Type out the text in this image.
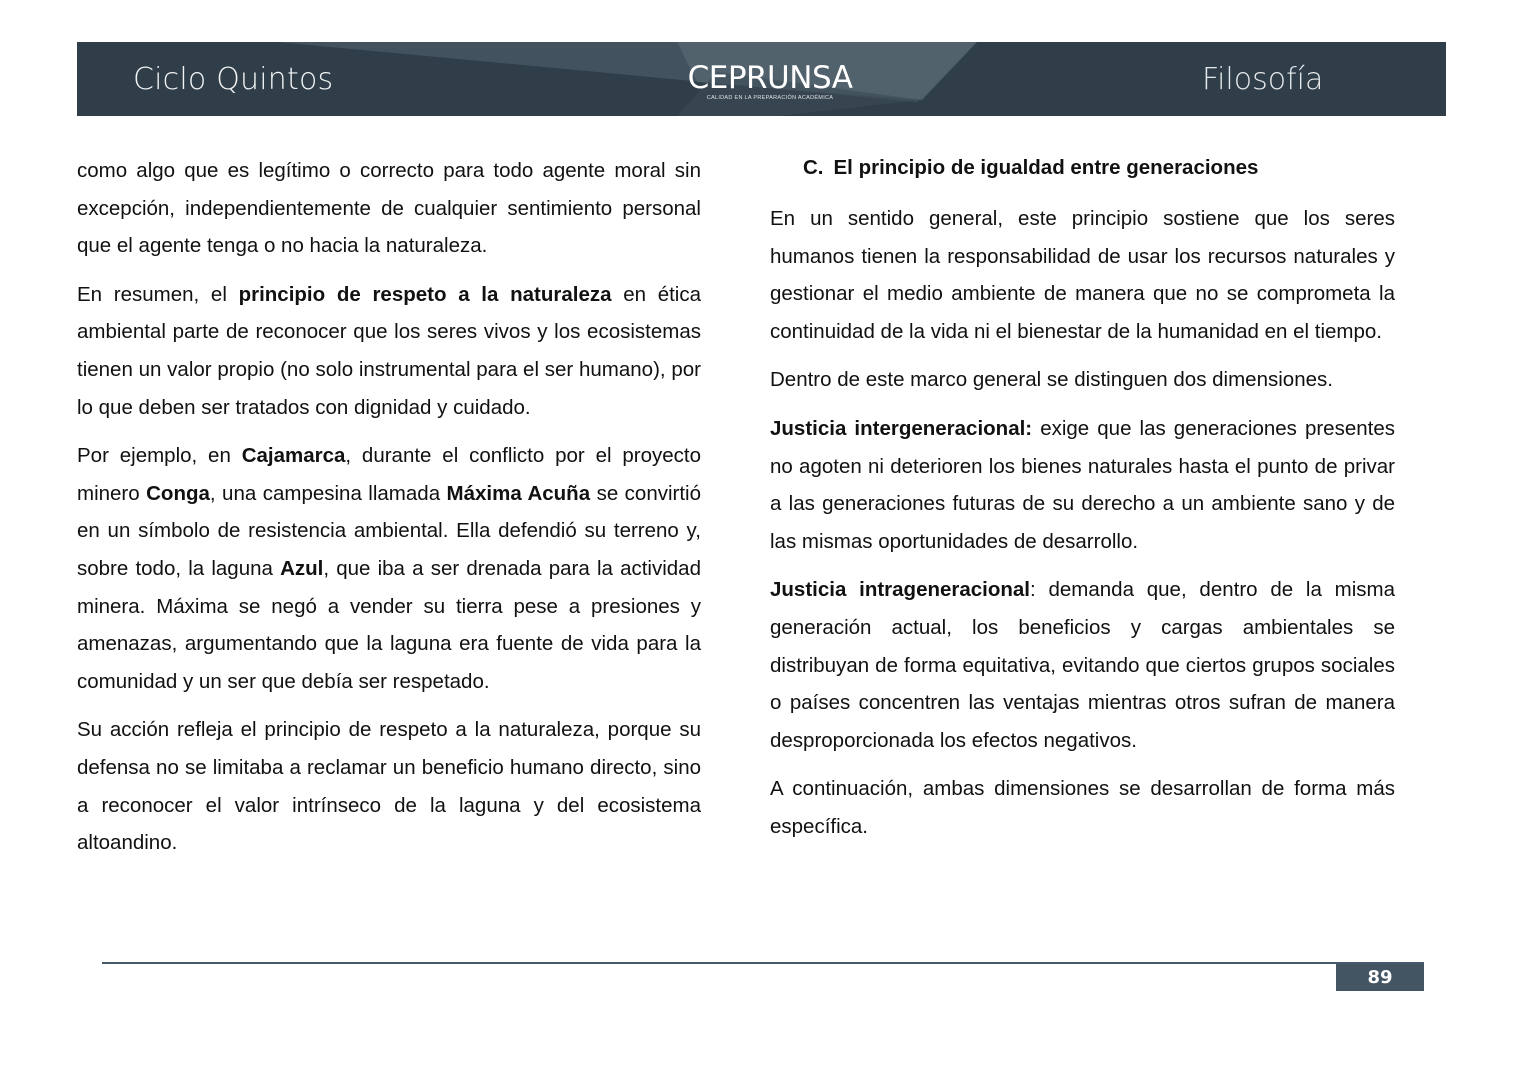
Ciclo Quintos	CEPRUNSA
CALIDAD EN LA PREPARACIÓN ACADÉMICA
Filosofía

como algo que es legítimo o correcto para todo agente moral sin excepción, independientemente de cualquier sentimiento personal que el agente tenga o no hacia la naturaleza.

En resumen, el principio de respeto a la naturaleza en ética ambiental parte de reconocer que los seres vivos y los ecosistemas tienen un valor propio (no solo instrumental para el ser humano), por lo que deben ser tratados con dignidad y cuidado.

Por ejemplo, en Cajamarca, durante el conflicto por el proyecto minero Conga, una campesina llamada Máxima Acuña se convirtió en un símbolo de resistencia ambiental. Ella defendió su terreno y, sobre todo, la laguna Azul, que iba a ser drenada para la actividad minera. Máxima se negó a vender su tierra pese a presiones y amenazas, argumentando que la laguna era fuente de vida para la comunidad y un ser que debía ser respetado.

Su acción refleja el principio de respeto a la naturaleza, porque su defensa no se limitaba a reclamar un beneficio humano directo, sino a reconocer el valor intrínseco de la laguna y del ecosistema altoandino.

C. El principio de igualdad entre generaciones

En un sentido general, este principio sostiene que los seres humanos tienen la responsabilidad de usar los recursos naturales y gestionar el medio ambiente de manera que no se comprometa la continuidad de la vida ni el bienestar de la humanidad en el tiempo.

Dentro de este marco general se distinguen dos dimensiones.

Justicia intergeneracional: exige que las generaciones presentes no agoten ni deterioren los bienes naturales hasta el punto de privar a las generaciones futuras de su derecho a un ambiente sano y de las mismas oportunidades de desarrollo.

Justicia intrageneracional: demanda que, dentro de la misma generación actual, los beneficios y cargas ambientales se distribuyan de forma equitativa, evitando que ciertos grupos sociales o países concentren las ventajas mientras otros sufran de manera desproporcionada los efectos negativos.

A continuación, ambas dimensiones se desarrollan de forma más específica.

89
